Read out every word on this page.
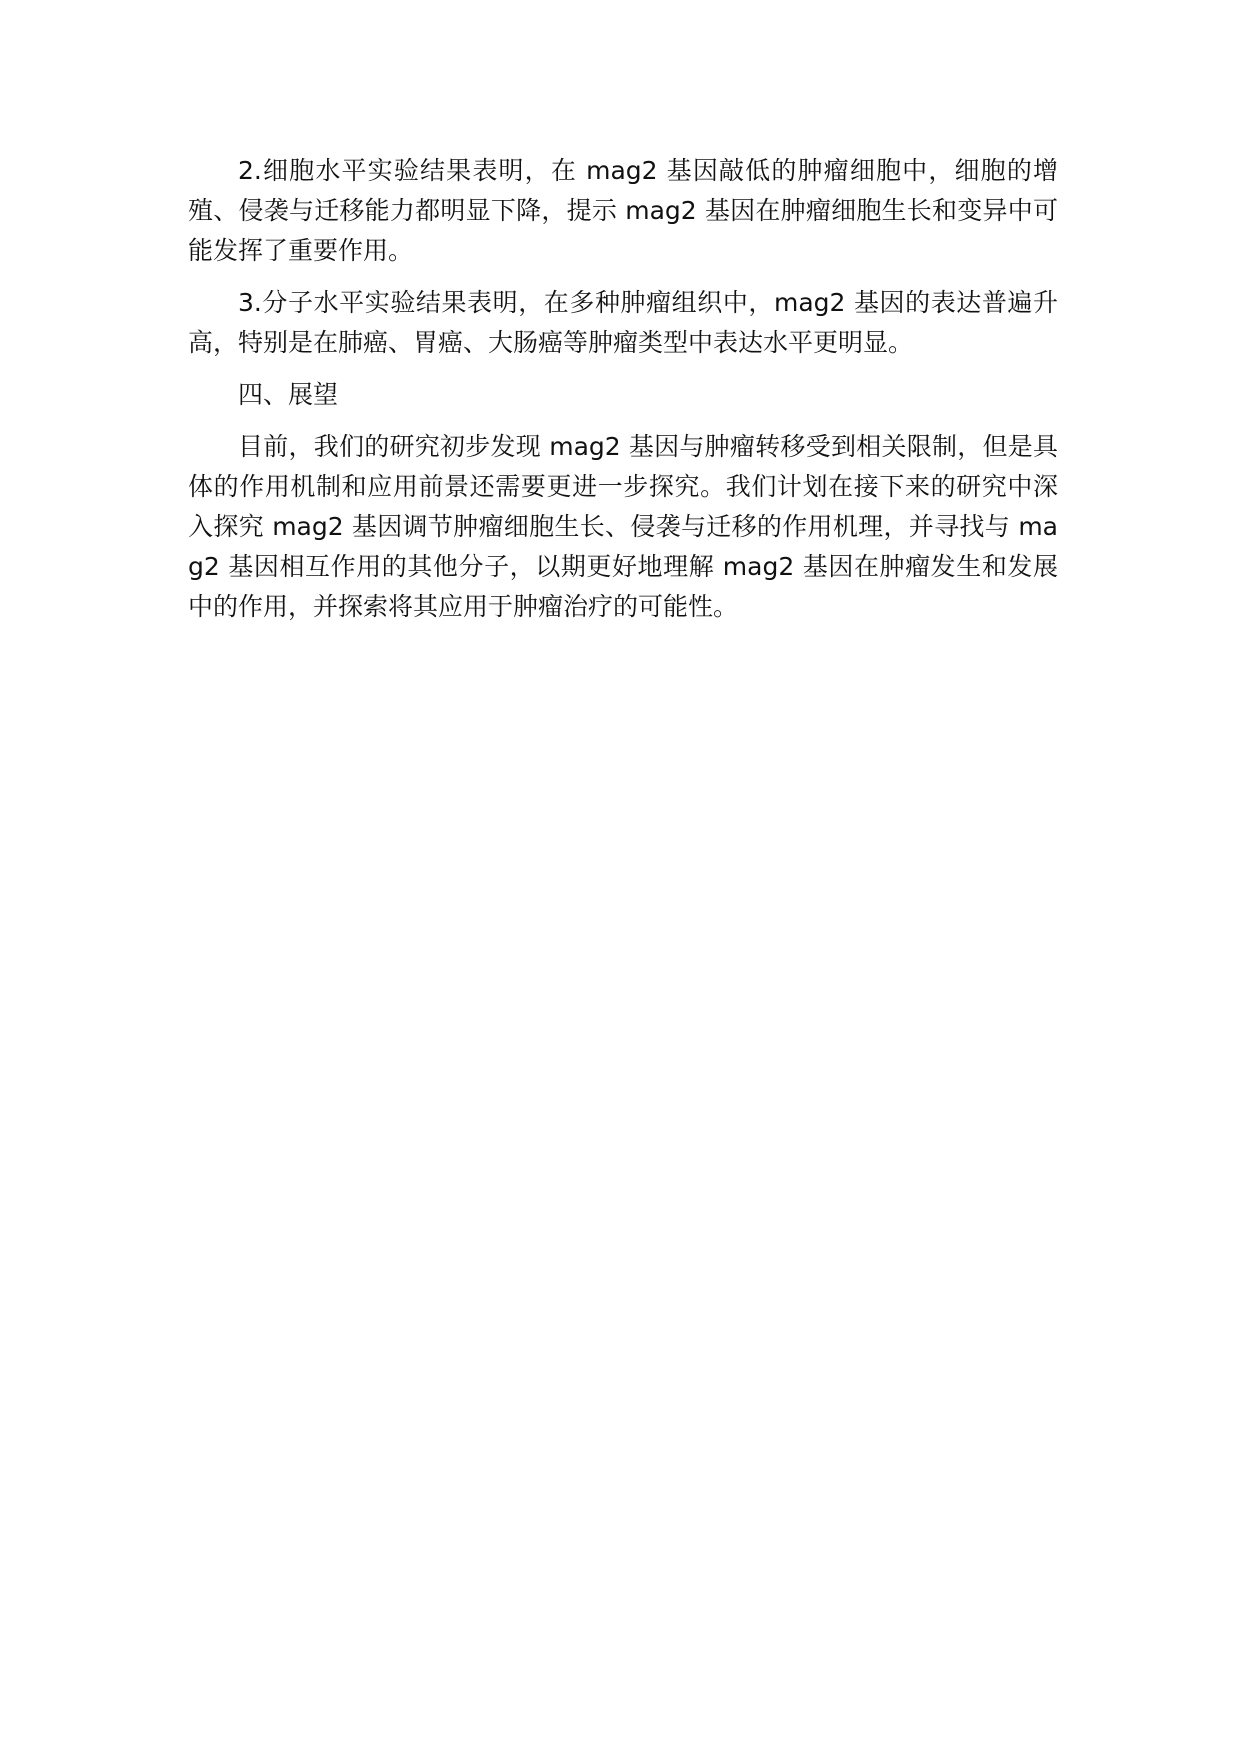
2.细胞水平实验结果表明，在 mag2 基因敲低的肿瘤细胞中，细胞的增殖、侵袭与迁移能力都明显下降，提示 mag2 基因在肿瘤细胞生长和变异中可能发挥了重要作用。

3.分子水平实验结果表明，在多种肿瘤组织中，mag2 基因的表达普遍升高，特别是在肺癌、胃癌、大肠癌等肿瘤类型中表达水平更明显。

四、展望

目前，我们的研究初步发现 mag2 基因与肿瘤转移受到相关限制，但是具体的作用机制和应用前景还需要更进一步探究。我们计划在接下来的研究中深入探究 mag2 基因调节肿瘤细胞生长、侵袭与迁移的作用机理，并寻找与 mag2 基因相互作用的其他分子，以期更好地理解 mag2 基因在肿瘤发生和发展中的作用，并探索将其应用于肿瘤治疗的可能性。
